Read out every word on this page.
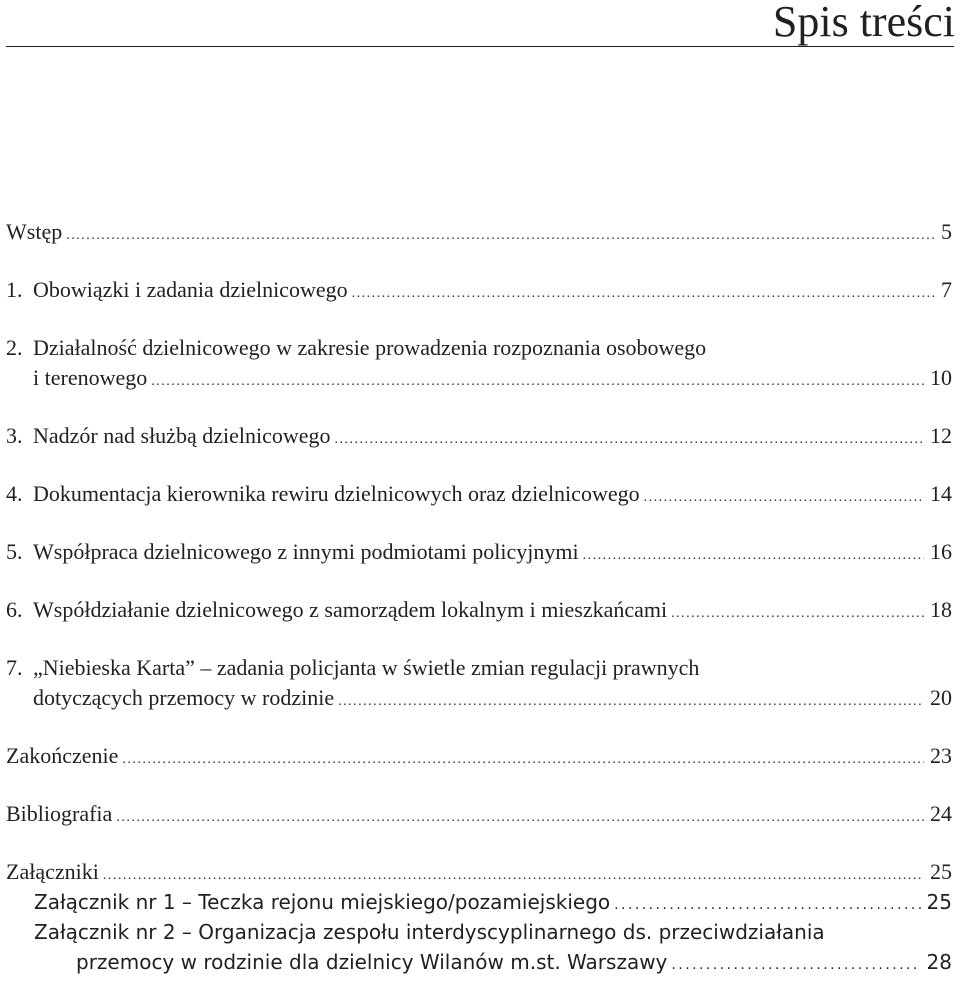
Spis treści
Wstęp . . .	5
1. Obowiązki i zadania dzielnicowego . . .	7
2. Działalność dzielnicowego w zakresie prowadzenia rozpoznania osobowego
i terenowego . . .	10
3. Nadzór nad służbą dzielnicowego . . .	12
4. Dokumentacja kierownika rewiru dzielnicowych oraz dzielnicowego . . .	14
5. Współpraca dzielnicowego z innymi podmiotami policyjnymi . . .	16
6. Współdziałanie dzielnicowego z samorządem lokalnym i mieszkańcami . . .	18
7. „Niebieska Karta” – zadania policjanta w świetle zmian regulacji prawnych
dotyczących przemocy w rodzinie . . .	20
Zakończenie . . .	23
Bibliografia . . .	24
Załączniki . . .	25
Załącznik nr 1 – Teczka rejonu miejskiego/pozamiejskiego . . .	25
Załącznik nr 2 – Organizacja zespołu interdyscyplinarnego ds. przeciwdziałania
przemocy w rodzinie dla dzielnicy Wilanów m.st. Warszawy . . .	28
